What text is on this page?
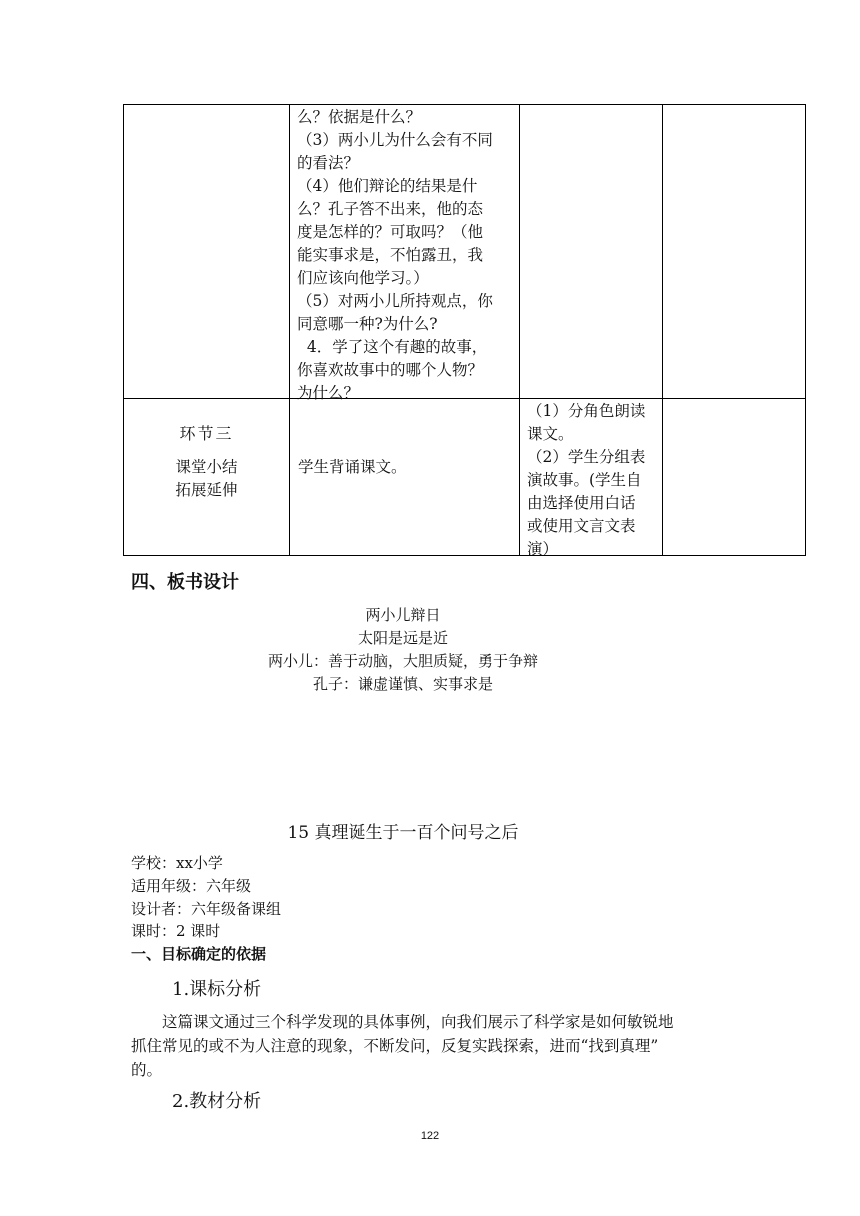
么？依据是什么？
（3）两小儿为什么会有不同
的看法？
（4）他们辩论的结果是什
么？孔子答不出来，他的态
度是怎样的？可取吗？（他
能实事求是，不怕露丑，我
们应该向他学习。）
（5）对两小儿所持观点，你
同意哪一种?为什么?
4．学了这个有趣的故事，
你喜欢故事中的哪个人物？
为什么？
环节三
课堂小结
拓展延伸
学生背诵课文。
（1）分角色朗读
课文。
（2）学生分组表
演故事。(学生自
由选择使用白话
或使用文言文表
演）
四、板书设计
两小儿辩日
太阳是远是近
两小儿：善于动脑，大胆质疑，勇于争辩
孔子：谦虚谨慎、实事求是
15 真理诞生于一百个问号之后
学校：xx小学
适用年级：六年级
设计者：六年级备课组
课时：2 课时
一、目标确定的依据
1.课标分析
这篇课文通过三个科学发现的具体事例，向我们展示了科学家是如何敏锐地
抓住常见的或不为人注意的现象，不断发问，反复实践探索，进而“找到真理”
的。
2.教材分析
122
